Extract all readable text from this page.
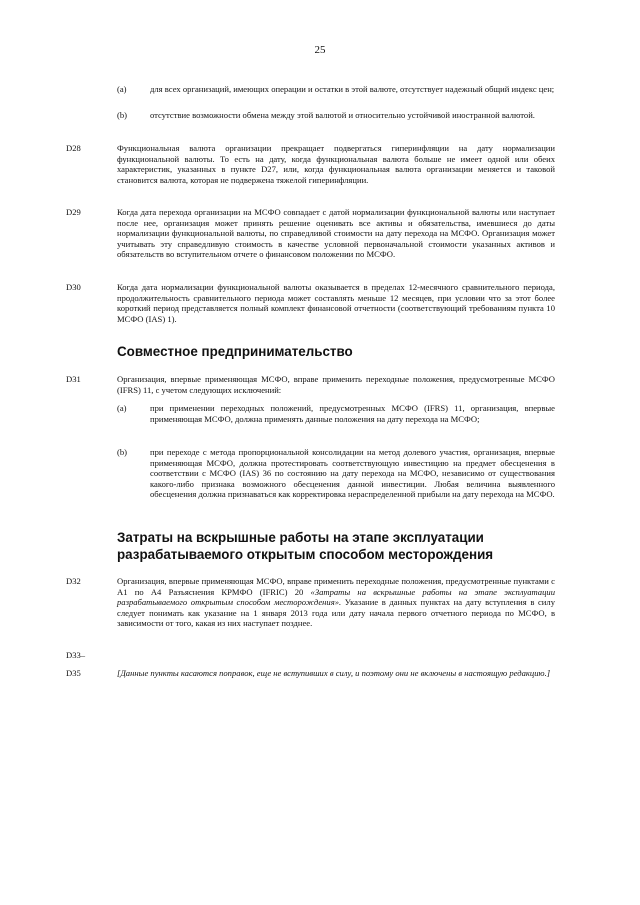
25
(a)	для всех организаций, имеющих операции и остатки в этой валюте, отсутствует надежный общий индекс цен;
(b)	отсутствие возможности обмена между этой валютой и относительно устойчивой иностранной валютой.
D28	Функциональная валюта организации прекращает подвергаться гиперинфляции на дату нормализации функциональной валюты. То есть на дату, когда функциональная валюта больше не имеет одной или обеих характеристик, указанных в пункте D27, или, когда функциональная валюта организации меняется и таковой становится валюта, которая не подвержена тяжелой гиперинфляции.
D29	Когда дата перехода организации на МСФО совпадает с датой нормализации функциональной валюты или наступает после нее, организация может принять решение оценивать все активы и обязательства, имевшиеся до даты нормализации функциональной валюты, по справедливой стоимости на дату перехода на МСФО. Организация может учитывать эту справедливую стоимость в качестве условной первоначальной стоимости указанных активов и обязательств во вступительном отчете о финансовом положении по МСФО.
D30	Когда дата нормализации функциональной валюты оказывается в пределах 12-месячного сравнительного периода, продолжительность сравнительного периода может составлять меньше 12 месяцев, при условии что за этот более короткий период представляется полный комплект финансовой отчетности (соответствующий требованиям пункта 10 МСФО (IAS) 1).
Совместное предпринимательство
D31	Организация, впервые применяющая МСФО, вправе применить переходные положения, предусмотренные МСФО (IFRS) 11, с учетом следующих исключений:
(a)	при применении переходных положений, предусмотренных МСФО (IFRS) 11, организация, впервые применяющая МСФО, должна применять данные положения на дату перехода на МСФО;
(b)	при переходе с метода пропорциональной консолидации на метод долевого участия, организация, впервые применяющая МСФО, должна протестировать соответствующую инвестицию на предмет обесценения в соответствии с МСФО (IAS) 36 по состоянию на дату перехода на МСФО, независимо от существования какого-либо признака возможного обесценения данной инвестиции. Любая величина выявленного обесценения должна признаваться как корректировка нераспределенной прибыли на дату перехода на МСФО.
Затраты на вскрышные работы на этапе эксплуатации разрабатываемого открытым способом месторождения
D32	Организация, впервые применяющая МСФО, вправе применить переходные положения, предусмотренные пунктами с А1 по А4 Разъяснения КРМФО (IFRIC) 20 «Затраты на вскрышные работы на этапе эксплуатации разрабатываемого открытым способом месторождения». Указание в данных пунктах на дату вступления в силу следует понимать как указание на 1 января 2013 года или дату начала первого отчетного периода по МСФО, в зависимости от того, какая из них наступает позднее.
D33–
D35	[Данные пункты касаются поправок, еще не вступивших в силу, и поэтому они не включены в настоящую редакцию.]
